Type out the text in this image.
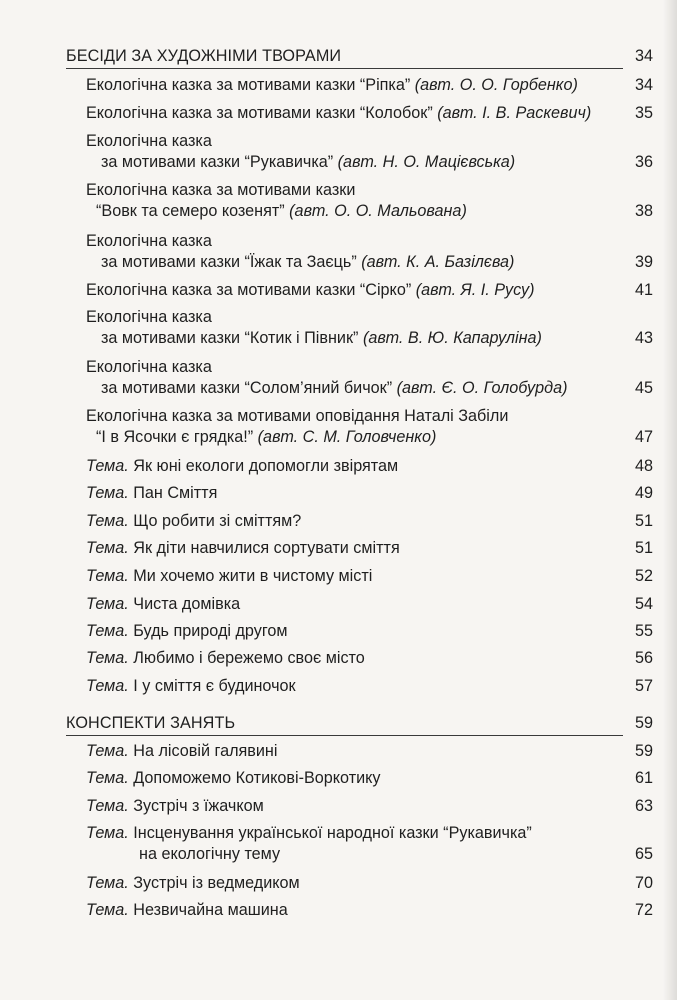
БЕСІДИ ЗА ХУДОЖНІМИ ТВОРАМИ	34
Екологічна казка за мотивами казки “Ріпка” (авт. О. О. Горбенко)	34
Екологічна казка за мотивами казки “Колобок” (авт. І. В. Раскевич)	35
Екологічна казка
за мотивами казки “Рукавичка” (авт. Н. О. Мацієвська)	36
Екологічна казка за мотивами казки
“Вовк та семеро козенят” (авт. О. О. Мальована)	38
Екологічна казка
за мотивами казки “Їжак та Заєць” (авт. К. А. Базілєва)	39
Екологічна казка за мотивами казки “Сірко” (авт. Я. І. Русу)	41
Екологічна казка
за мотивами казки “Котик і Півник” (авт. В. Ю. Капаруліна)	43
Екологічна казка
за мотивами казки “Солом’яний бичок” (авт. Є. О. Голобурда)	45
Екологічна казка за мотивами оповідання Наталі Забіли
“І в Ясочки є грядка!” (авт. С. М. Головченко)	47
Тема. Як юні екологи допомогли звірятам	48
Тема. Пан Сміття	49
Тема. Що робити зі сміттям?	51
Тема. Як діти навчилися сортувати сміття	51
Тема. Ми хочемо жити в чистому місті	52
Тема. Чиста домівка	54
Тема. Будь природі другом	55
Тема. Любимо і бережемо своє місто	56
Тема. І у сміття є будиночок	57
КОНСПЕКТИ ЗАНЯТЬ	59
Тема. На лісовій галявині	59
Тема. Допоможемо Котикові-Воркотику	61
Тема. Зустріч з їжачком	63
Тема. Інсценування української народної казки “Рукавичка”
на екологічну тему	65
Тема. Зустріч із ведмедиком	70
Тема. Незвичайна машина	72
